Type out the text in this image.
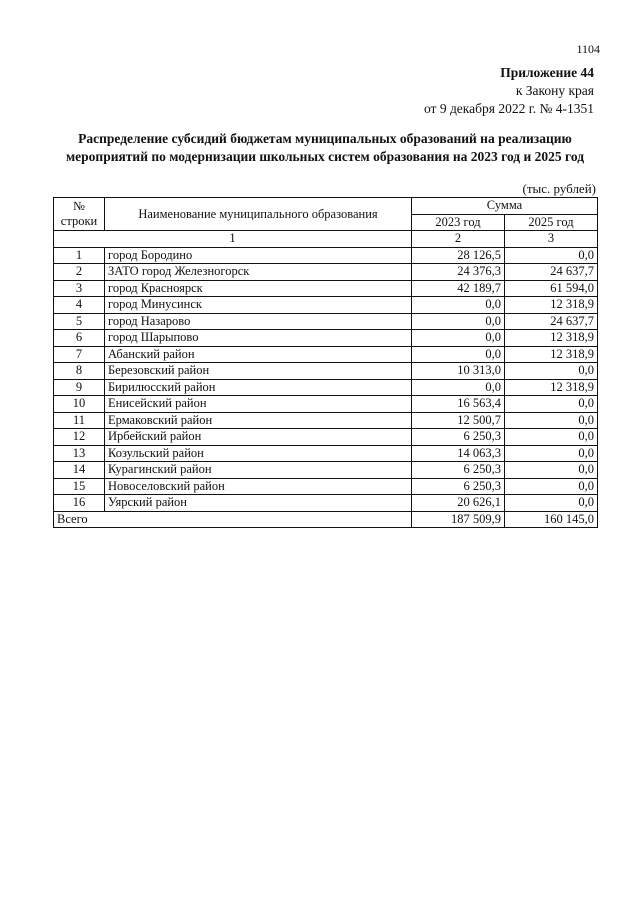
1104
Приложение 44
к Закону края
от 9 декабря 2022 г. № 4-1351
Распределение субсидий бюджетам муниципальных образований на реализацию мероприятий по модернизации школьных систем образования на 2023 год и 2025 год
(тыс. рублей)
№ строки	Наименование муниципального образования	Сумма	
		2023 год	2025 год
1		2	3
1	город Бородино	28 126,5	0,0
2	ЗАТО город Железногорск	24 376,3	24 637,7
3	город Красноярск	42 189,7	61 594,0
4	город Минусинск	0,0	12 318,9
5	город Назарово	0,0	24 637,7
6	город Шарыпово	0,0	12 318,9
7	Абанский район	0,0	12 318,9
8	Березовский район	10 313,0	0,0
9	Бирилюсский район	0,0	12 318,9
10	Енисейский район	16 563,4	0,0
11	Ермаковский район	12 500,7	0,0
12	Ирбейский район	6 250,3	0,0
13	Козульский район	14 063,3	0,0
14	Курагинский район	6 250,3	0,0
15	Новоселовский район	6 250,3	0,0
16	Уярский район	20 626,1	0,0
Всего		187 509,9	160 145,0
